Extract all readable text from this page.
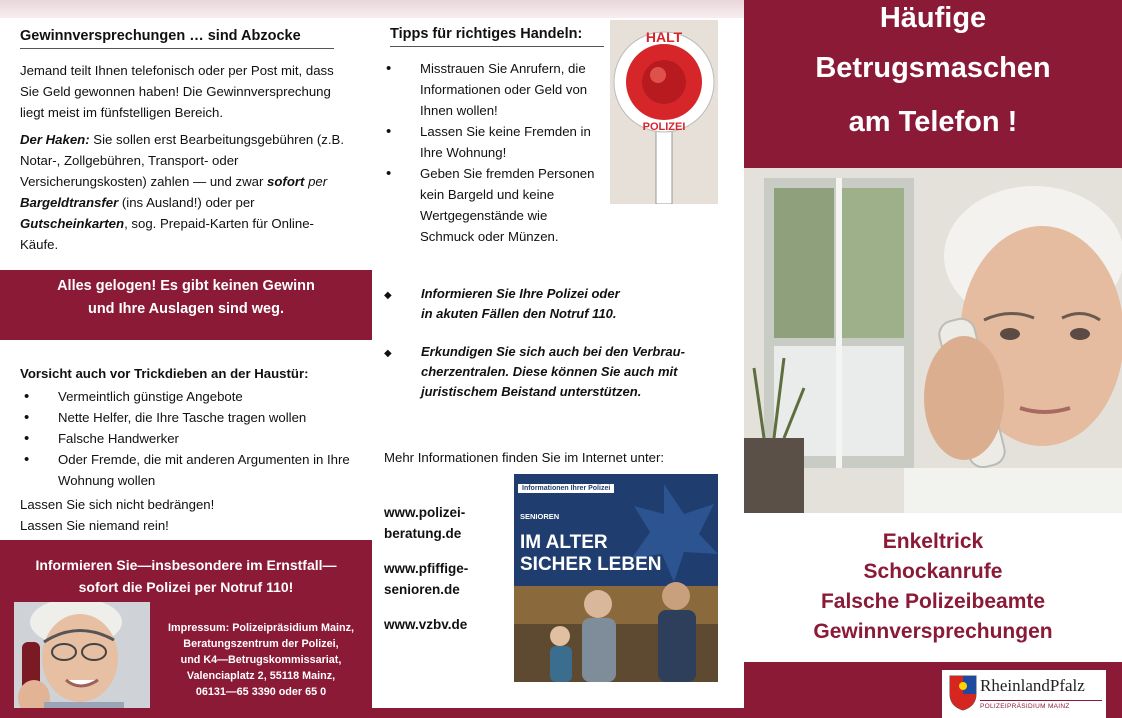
Gewinnversprechungen … sind Abzocke

Jemand teilt Ihnen telefonisch oder per Post mit, dass Sie Geld gewonnen haben! Die Gewinnversprechung liegt meist im fünfstelligen Bereich.

Der Haken: Sie sollen erst Bearbeitungsgebühren (z.B. Notar-, Zollgebühren, Transport- oder Versicherungskosten) zahlen — und zwar sofort per Bargeldtransfer (ins Ausland!) oder per Gutscheinkarten, sog. Prepaid-Karten für Online-Käufe.

Alles gelogen! Es gibt keinen Gewinn
und Ihre Auslagen sind weg.
Vorsicht auch vor Trickdieben an der Haustür:
• Vermeintlich günstige Angebote
• Nette Helfer, die Ihre Tasche tragen wollen
• Falsche Handwerker
• Oder Fremde, die mit anderen Argumenten in Ihre Wohnung wollen
Lassen Sie sich nicht bedrängen!
Lassen Sie niemand rein!
Informieren Sie—insbesondere im Ernstfall—
sofort die Polizei per Notruf 110!
Impressum: Polizeipräsidium Mainz,
Beratungszentrum der Polizei,
und K4—Betrugskommissariat,
Valenciaplatz 2, 55118 Mainz,
06131—65 3390 oder 65 0
Tipps für richtiges Handeln:
• Misstrauen Sie Anrufern, die Informationen oder Geld von Ihnen wollen!
• Lassen Sie keine Fremden in Ihre Wohnung!
• Geben Sie fremden Personen kein Bargeld und keine Wertgegenstände wie Schmuck oder Münzen.
HALT
POLIZEI
◆ Informieren Sie Ihre Polizei oder
in akuten Fällen den Notruf 110.
◆ Erkundigen Sie sich auch bei den Verbrau-
cherzentralen. Diese können Sie auch mit
juristischem Beistand unterstützen.
Mehr Informationen finden Sie im Internet unter:
www.polizei-
beratung.de
www.pfiffige-
senioren.de
www.vzbv.de
Informationen Ihrer Polizei
SENIOREN
IM ALTER
SICHER LEBEN
Häufige
Betrugsmaschen
am Telefon !
Enkeltrick
Schockanrufe
Falsche Polizeibeamte
Gewinnversprechungen
RheinlandPfalz
POLIZEIPRÄSIDIUM MAINZ
